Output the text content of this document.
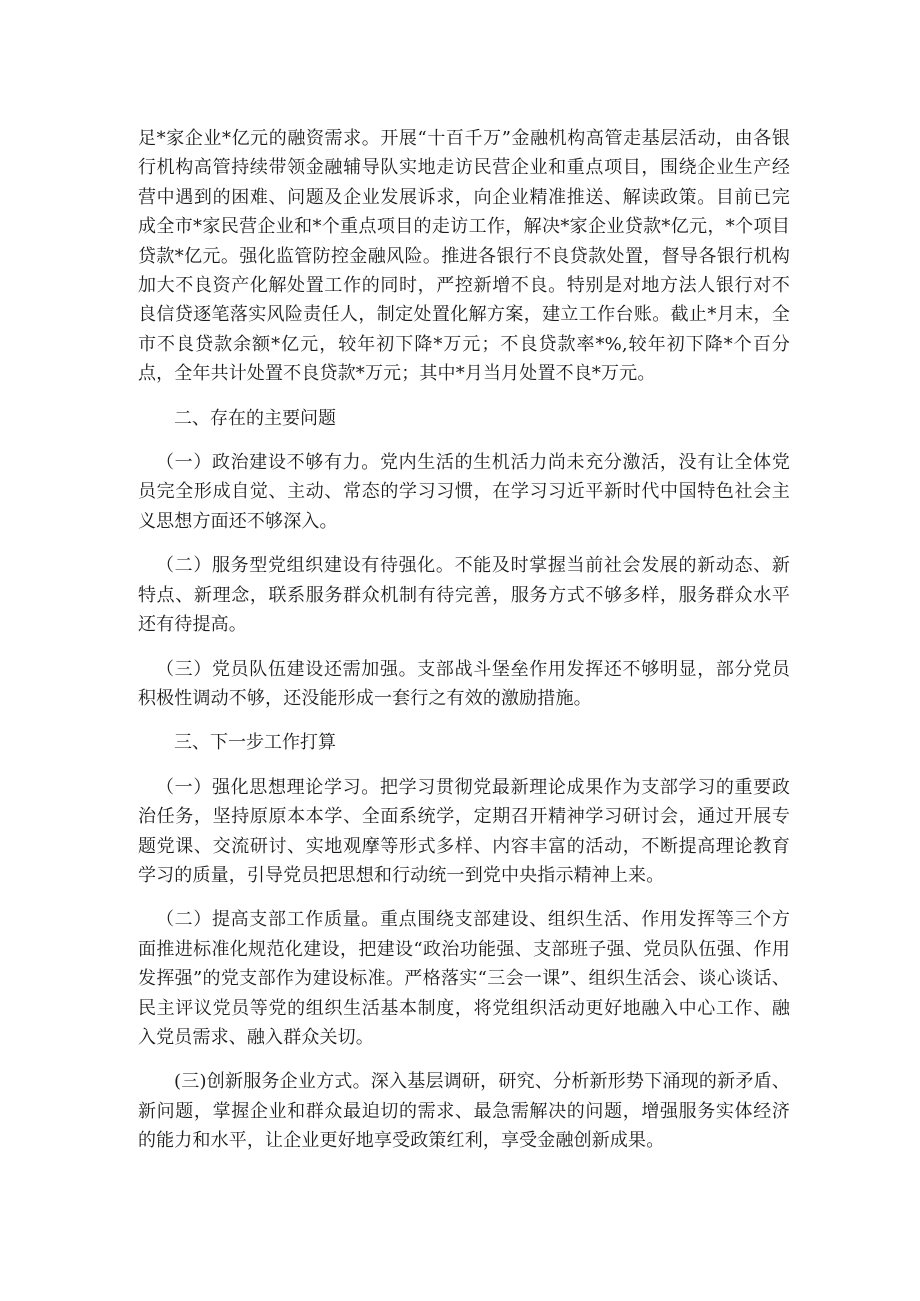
足*家企业*亿元的融资需求。开展“十百千万”金融机构高管走基层活动，由各银行机构高管持续带领金融辅导队实地走访民营企业和重点项目，围绕企业生产经营中遇到的困难、问题及企业发展诉求，向企业精准推送、解读政策。目前已完成全市*家民营企业和*个重点项目的走访工作，解决*家企业贷款*亿元，*个项目贷款*亿元。强化监管防控金融风险。推进各银行不良贷款处置，督导各银行机构加大不良资产化解处置工作的同时，严控新增不良。特别是对地方法人银行对不良信贷逐笔落实风险责任人，制定处置化解方案，建立工作台账。截止*月末，全市不良贷款余额*亿元，较年初下降*万元；不良贷款率*%,较年初下降*个百分点，全年共计处置不良贷款*万元；其中*月当月处置不良*万元。

二、存在的主要问题

（一）政治建设不够有力。党内生活的生机活力尚未充分激活，没有让全体党员完全形成自觉、主动、常态的学习习惯，在学习习近平新时代中国特色社会主义思想方面还不够深入。

（二）服务型党组织建设有待强化。不能及时掌握当前社会发展的新动态、新特点、新理念，联系服务群众机制有待完善，服务方式不够多样，服务群众水平还有待提高。

（三）党员队伍建设还需加强。支部战斗堡垒作用发挥还不够明显，部分党员积极性调动不够，还没能形成一套行之有效的激励措施。

三、下一步工作打算

（一）强化思想理论学习。把学习贯彻党最新理论成果作为支部学习的重要政治任务，坚持原原本本学、全面系统学，定期召开精神学习研讨会，通过开展专题党课、交流研讨、实地观摩等形式多样、内容丰富的活动，不断提高理论教育学习的质量，引导党员把思想和行动统一到党中央指示精神上来。

（二）提高支部工作质量。重点围绕支部建设、组织生活、作用发挥等三个方面推进标准化规范化建设，把建设“政治功能强、支部班子强、党员队伍强、作用发挥强”的党支部作为建设标准。严格落实“三会一课”、组织生活会、谈心谈话、民主评议党员等党的组织生活基本制度，将党组织活动更好地融入中心工作、融入党员需求、融入群众关切。

(三)创新服务企业方式。深入基层调研，研究、分析新形势下涌现的新矛盾、新问题，掌握企业和群众最迫切的需求、最急需解决的问题，增强服务实体经济的能力和水平，让企业更好地享受政策红利，享受金融创新成果。
